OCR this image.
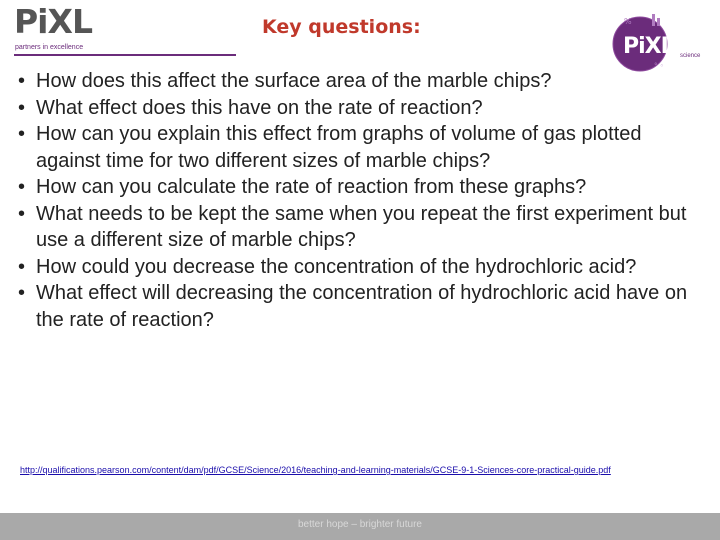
PiXL
partners in excellence
Key questions:	%
° ◦
PiXL science
• How does this affect the surface area of the marble chips?
• What effect does this have on the rate of reaction?
• How can you explain this effect from graphs of volume of gas plotted against time for two different sizes of marble chips?
• How can you calculate the rate of reaction from these graphs?
• What needs to be kept the same when you repeat the first experiment but use a different size of marble chips?
• How could you decrease the concentration of the hydrochloric acid?
• What effect will decreasing the concentration of hydrochloric acid have on the rate of reaction?
http://qualifications.pearson.com/content/dam/pdf/GCSE/Science/2016/teaching-and-learning-materials/GCSE-9-1-Sciences-core-practical-guide.pdf
better hope – brighter future
